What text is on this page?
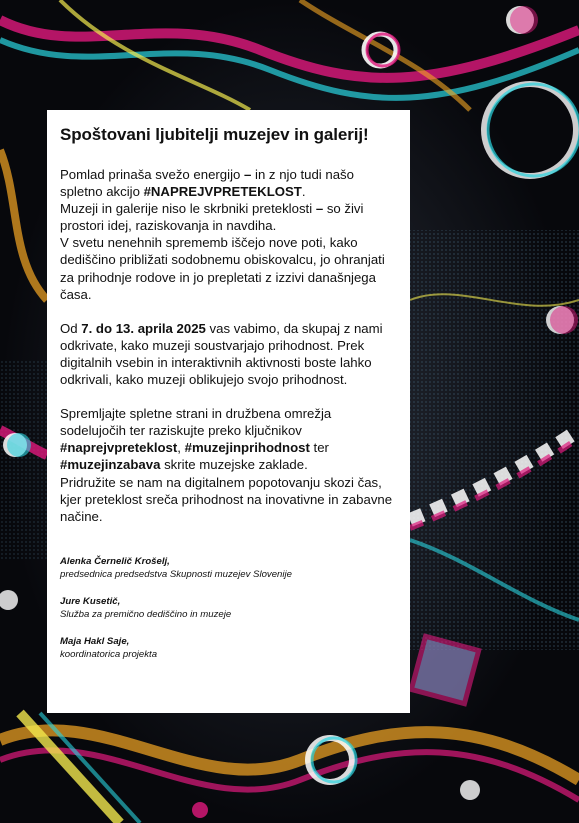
Spoštovani ljubitelji muzejev in galerij!

Pomlad prinaša svežo energijo – in z njo tudi našo spletno akcijo #NAPREJVPRETEKLOST.

Muzeji in galerije niso le skrbniki preteklosti – so živi prostori idej, raziskovanja in navdiha.

V svetu nenehnih sprememb iščejo nove poti, kako dediščino približati sodobnemu obiskovalcu, jo ohranjati za prihodnje rodove in jo prepletati z izzivi današnjega časa.

Od 7. do 13. aprila 2025 vas vabimo, da skupaj z nami odkrivate, kako muzeji soustvarjajo prihodnost. Prek digitalnih vsebin in interaktivnih aktivnosti boste lahko odkrivali, kako muzeji oblikujejo svojo prihodnost.

Spremljajte spletne strani in družbena omrežja sodelujočih ter raziskujte preko ključnikov #naprejvpreteklost, #muzejinprihodnost ter #muzejinzabava skrite muzejske zaklade.

Pridružite se nam na digitalnem popotovanju skozi čas, kjer preteklost sreča prihodnost na inovativne in zabavne načine.

Alenka Černelič Krošelj,
predsednica predsedstva Skupnosti muzejev Slovenije
Jure Kusetič,
Služba za premično dediščino in muzeje
Maja Hakl Saje,
koordinatorica projekta
